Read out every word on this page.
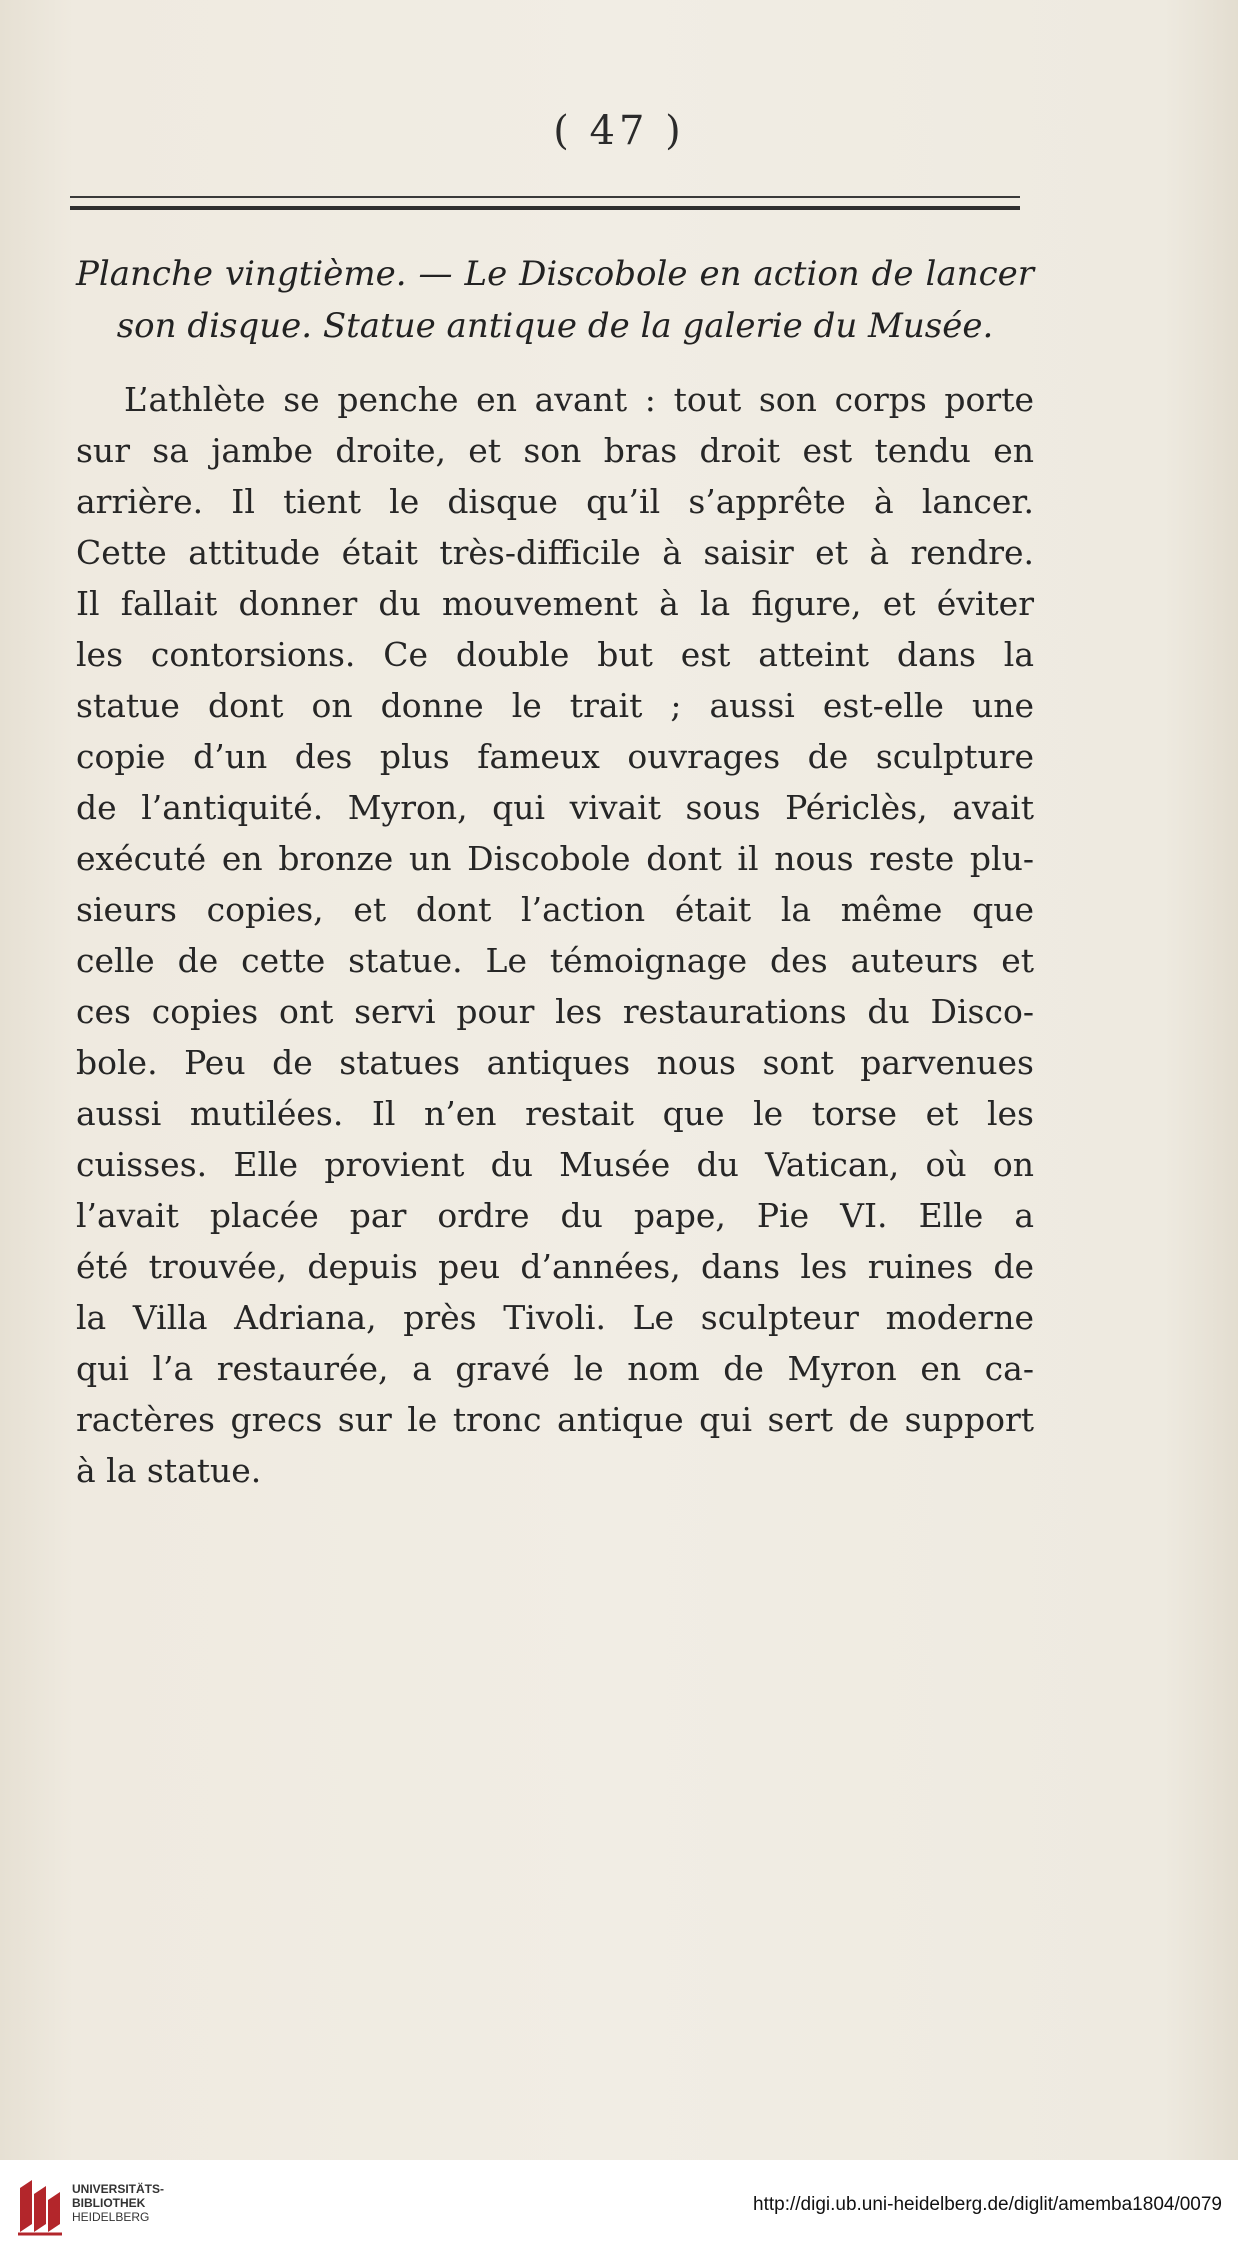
( 47 )
Planche vingtième. — Le Discobole en action de lancer
son disque. Statue antique de la galerie du Musée.
L’athlète se penche en avant : tout son corps porte
sur sa jambe droite, et son bras droit est tendu en
arrière. Il tient le disque qu’il s’apprête à lancer.
Cette attitude était très-difficile à saisir et à rendre.
Il fallait donner du mouvement à la figure, et éviter
les contorsions. Ce double but est atteint dans la
statue dont on donne le trait ; aussi est-elle une
copie d’un des plus fameux ouvrages de sculpture
de l’antiquité. Myron, qui vivait sous Périclès, avait
exécuté en bronze un Discobole dont il nous reste plu-
sieurs copies, et dont l’action était la même que
celle de cette statue. Le témoignage des auteurs et
ces copies ont servi pour les restaurations du Disco-
bole. Peu de statues antiques nous sont parvenues
aussi mutilées. Il n’en restait que le torse et les
cuisses. Elle provient du Musée du Vatican, où on
l’avait placée par ordre du pape, Pie VI. Elle a
été trouvée, depuis peu d’années, dans les ruines de
la Villa Adriana, près Tivoli. Le sculpteur moderne
qui l’a restaurée, a gravé le nom de Myron en ca-
ractères grecs sur le tronc antique qui sert de support
à la statue.
UNIVERSITÄTS-
BIBLIOTHEK
HEIDELBERG
http://digi.ub.uni-heidelberg.de/diglit/amemba1804/0079
